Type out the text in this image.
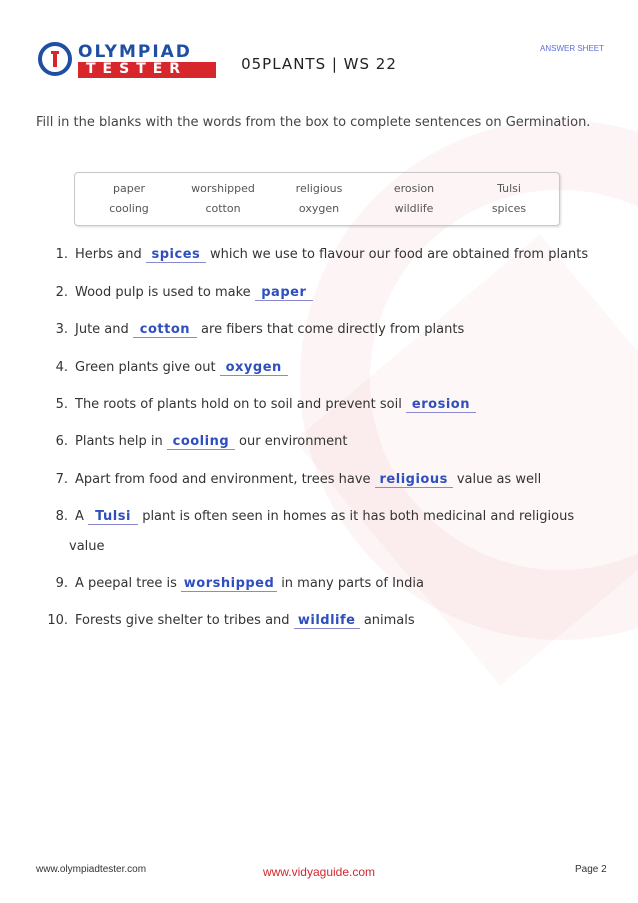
OLYMPIAD
TESTER
ANSWER SHEET
05PLANTS | WS 22
Fill in the blanks with the words from the box to complete sentences on Germination.
paper	worshipped	religious	erosion	Tulsi
cooling	cotton	oxygen	wildlife	spices
1. Herbs and spices which we use to flavour our food are obtained from plants
2. Wood pulp is used to make paper
3. Jute and cotton are fibers that come directly from plants
4. Green plants give out oxygen
5. The roots of plants hold on to soil and prevent soil erosion
6. Plants help in cooling our environment
7. Apart from food and environment, trees have religious value as well
8. A Tulsi plant is often seen in homes as it has both medicinal and religious
value
9. A peepal tree is worshipped in many parts of India
10. Forests give shelter to tribes and wildlife animals
www.olympiadtester.com	www.vidyaguide.com	Page 2
